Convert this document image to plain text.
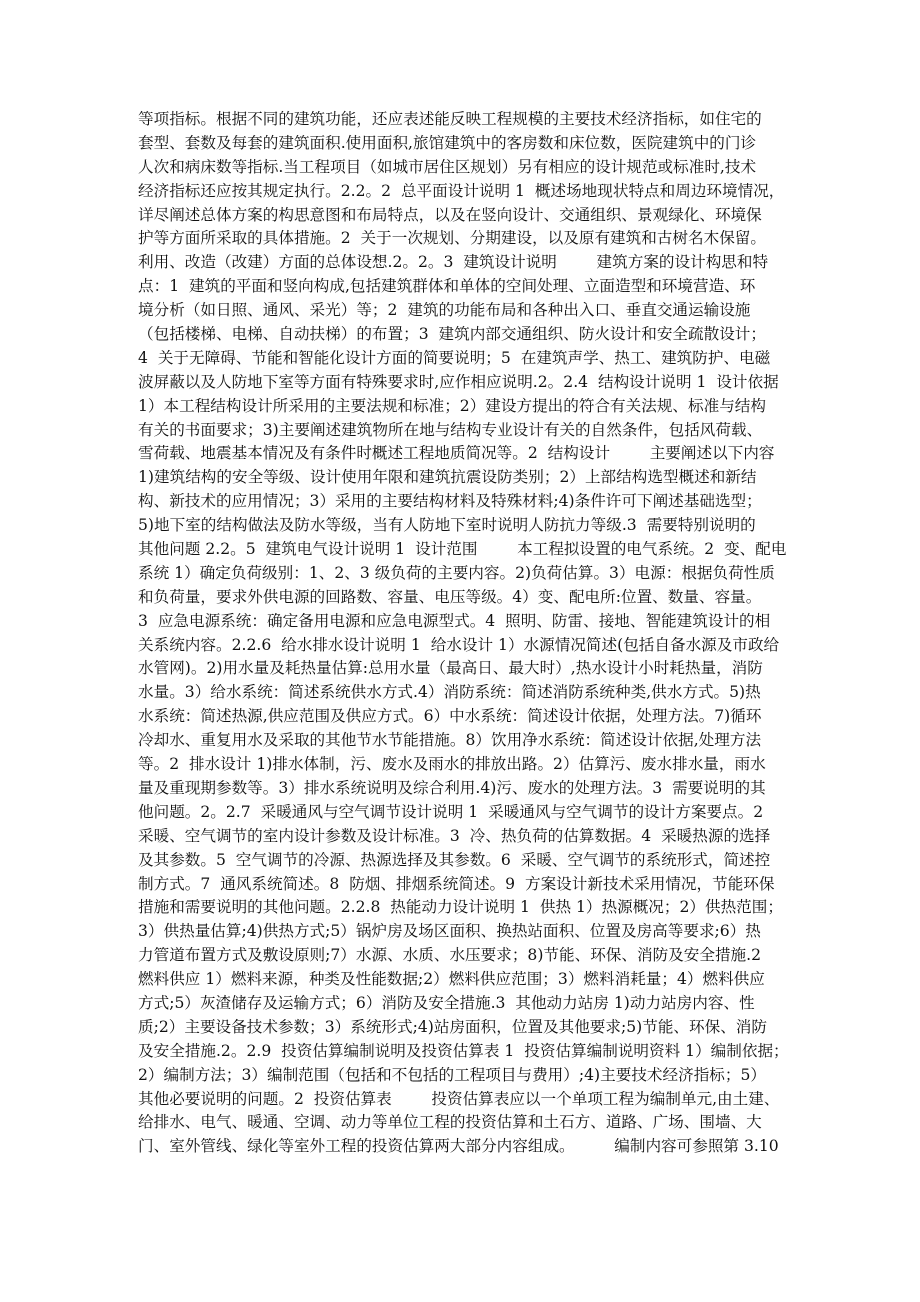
等项指标。根据不同的建筑功能，还应表述能反映工程规模的主要技术经济指标，如住宅的
套型、套数及每套的建筑面积.使用面积,旅馆建筑中的客房数和床位数，医院建筑中的门诊
人次和病床数等指标.当工程项目（如城市居住区规划）另有相应的设计规范或标准时,技术
经济指标还应按其规定执行。2.2。2  总平面设计说明 1  概述场地现状特点和周边环境情况，
详尽阐述总体方案的构思意图和布局特点，以及在竖向设计、交通组织、景观绿化、环境保
护等方面所采取的具体措施。2  关于一次规划、分期建设，以及原有建筑和古树名木保留。
利用、改造（改建）方面的总体设想.2。2。3  建筑设计说明        建筑方案的设计构思和特
点：1  建筑的平面和竖向构成,包括建筑群体和单体的空间处理、立面造型和环境营造、环
境分析（如日照、通风、采光）等；2  建筑的功能布局和各种出入口、垂直交通运输设施
（包括楼梯、电梯、自动扶梯）的布置；3  建筑内部交通组织、防火设计和安全疏散设计；
4  关于无障碍、节能和智能化设计方面的简要说明；5  在建筑声学、热工、建筑防护、电磁
波屏蔽以及人防地下室等方面有特殊要求时,应作相应说明.2。2.4  结构设计说明 1  设计依据
1）本工程结构设计所采用的主要法规和标准；2）建设方提出的符合有关法规、标准与结构
有关的书面要求；3)主要阐述建筑物所在地与结构专业设计有关的自然条件，包括风荷载、
雪荷载、地震基本情况及有条件时概述工程地质简况等。2  结构设计        主要阐述以下内容
1)建筑结构的安全等级、设计使用年限和建筑抗震设防类别；2）上部结构选型概述和新结
构、新技术的应用情况；3）采用的主要结构材料及特殊材料;4)条件许可下阐述基础选型；
5)地下室的结构做法及防水等级，当有人防地下室时说明人防抗力等级.3  需要特别说明的
其他问题 2.2。5  建筑电气设计说明 1  设计范围        本工程拟设置的电气系统。2  变、配电
系统 1）确定负荷级别：1、2、3 级负荷的主要内容。2)负荷估算。3）电源：根据负荷性质
和负荷量，要求外供电源的回路数、容量、电压等级。4）变、配电所:位置、数量、容量。
3  应急电源系统：确定备用电源和应急电源型式。4  照明、防雷、接地、智能建筑设计的相
关系统内容。2.2.6  给水排水设计说明 1  给水设计 1）水源情况简述(包括自备水源及市政给
水管网)。2)用水量及耗热量估算:总用水量（最高日、最大时）,热水设计小时耗热量，消防
水量。3）给水系统：简述系统供水方式.4）消防系统：简述消防系统种类,供水方式。5)热
水系统：简述热源,供应范围及供应方式。6）中水系统：简述设计依据，处理方法。7)循环
冷却水、重复用水及采取的其他节水节能措施。8）饮用净水系统：简述设计依据,处理方法
等。2  排水设计 1)排水体制，污、废水及雨水的排放出路。2）估算污、废水排水量，雨水
量及重现期参数等。3）排水系统说明及综合利用.4)污、废水的处理方法。3  需要说明的其
他问题。2。2.7  采暖通风与空气调节设计说明 1  采暖通风与空气调节的设计方案要点。2
采暖、空气调节的室内设计参数及设计标准。3  冷、热负荷的估算数据。4  采暖热源的选择
及其参数。5  空气调节的冷源、热源选择及其参数。6  采暖、空气调节的系统形式，简述控
制方式。7  通风系统简述。8  防烟、排烟系统简述。9  方案设计新技术采用情况，节能环保
措施和需要说明的其他问题。2.2.8  热能动力设计说明 1  供热 1）热源概况；2）供热范围；
3）供热量估算;4)供热方式;5）锅炉房及场区面积、换热站面积、位置及房高等要求;6）热
力管道布置方式及敷设原则;7）水源、水质、水压要求；8)节能、环保、消防及安全措施.2
燃料供应 1）燃料来源，种类及性能数据;2）燃料供应范围；3）燃料消耗量；4）燃料供应
方式;5）灰渣储存及运输方式；6）消防及安全措施.3  其他动力站房 1)动力站房内容、性
质;2）主要设备技术参数；3）系统形式;4)站房面积，位置及其他要求;5)节能、环保、消防
及安全措施.2。2.9  投资估算编制说明及投资估算表 1  投资估算编制说明资料 1）编制依据；
2）编制方法；3）编制范围（包括和不包括的工程项目与费用）;4)主要技术经济指标；5）
其他必要说明的问题。2  投资估算表        投资估算表应以一个单项工程为编制单元,由土建、
给排水、电气、暖通、空调、动力等单位工程的投资估算和土石方、道路、广场、围墙、大
门、室外管线、绿化等室外工程的投资估算两大部分内容组成。        编制内容可参照第 3.10
